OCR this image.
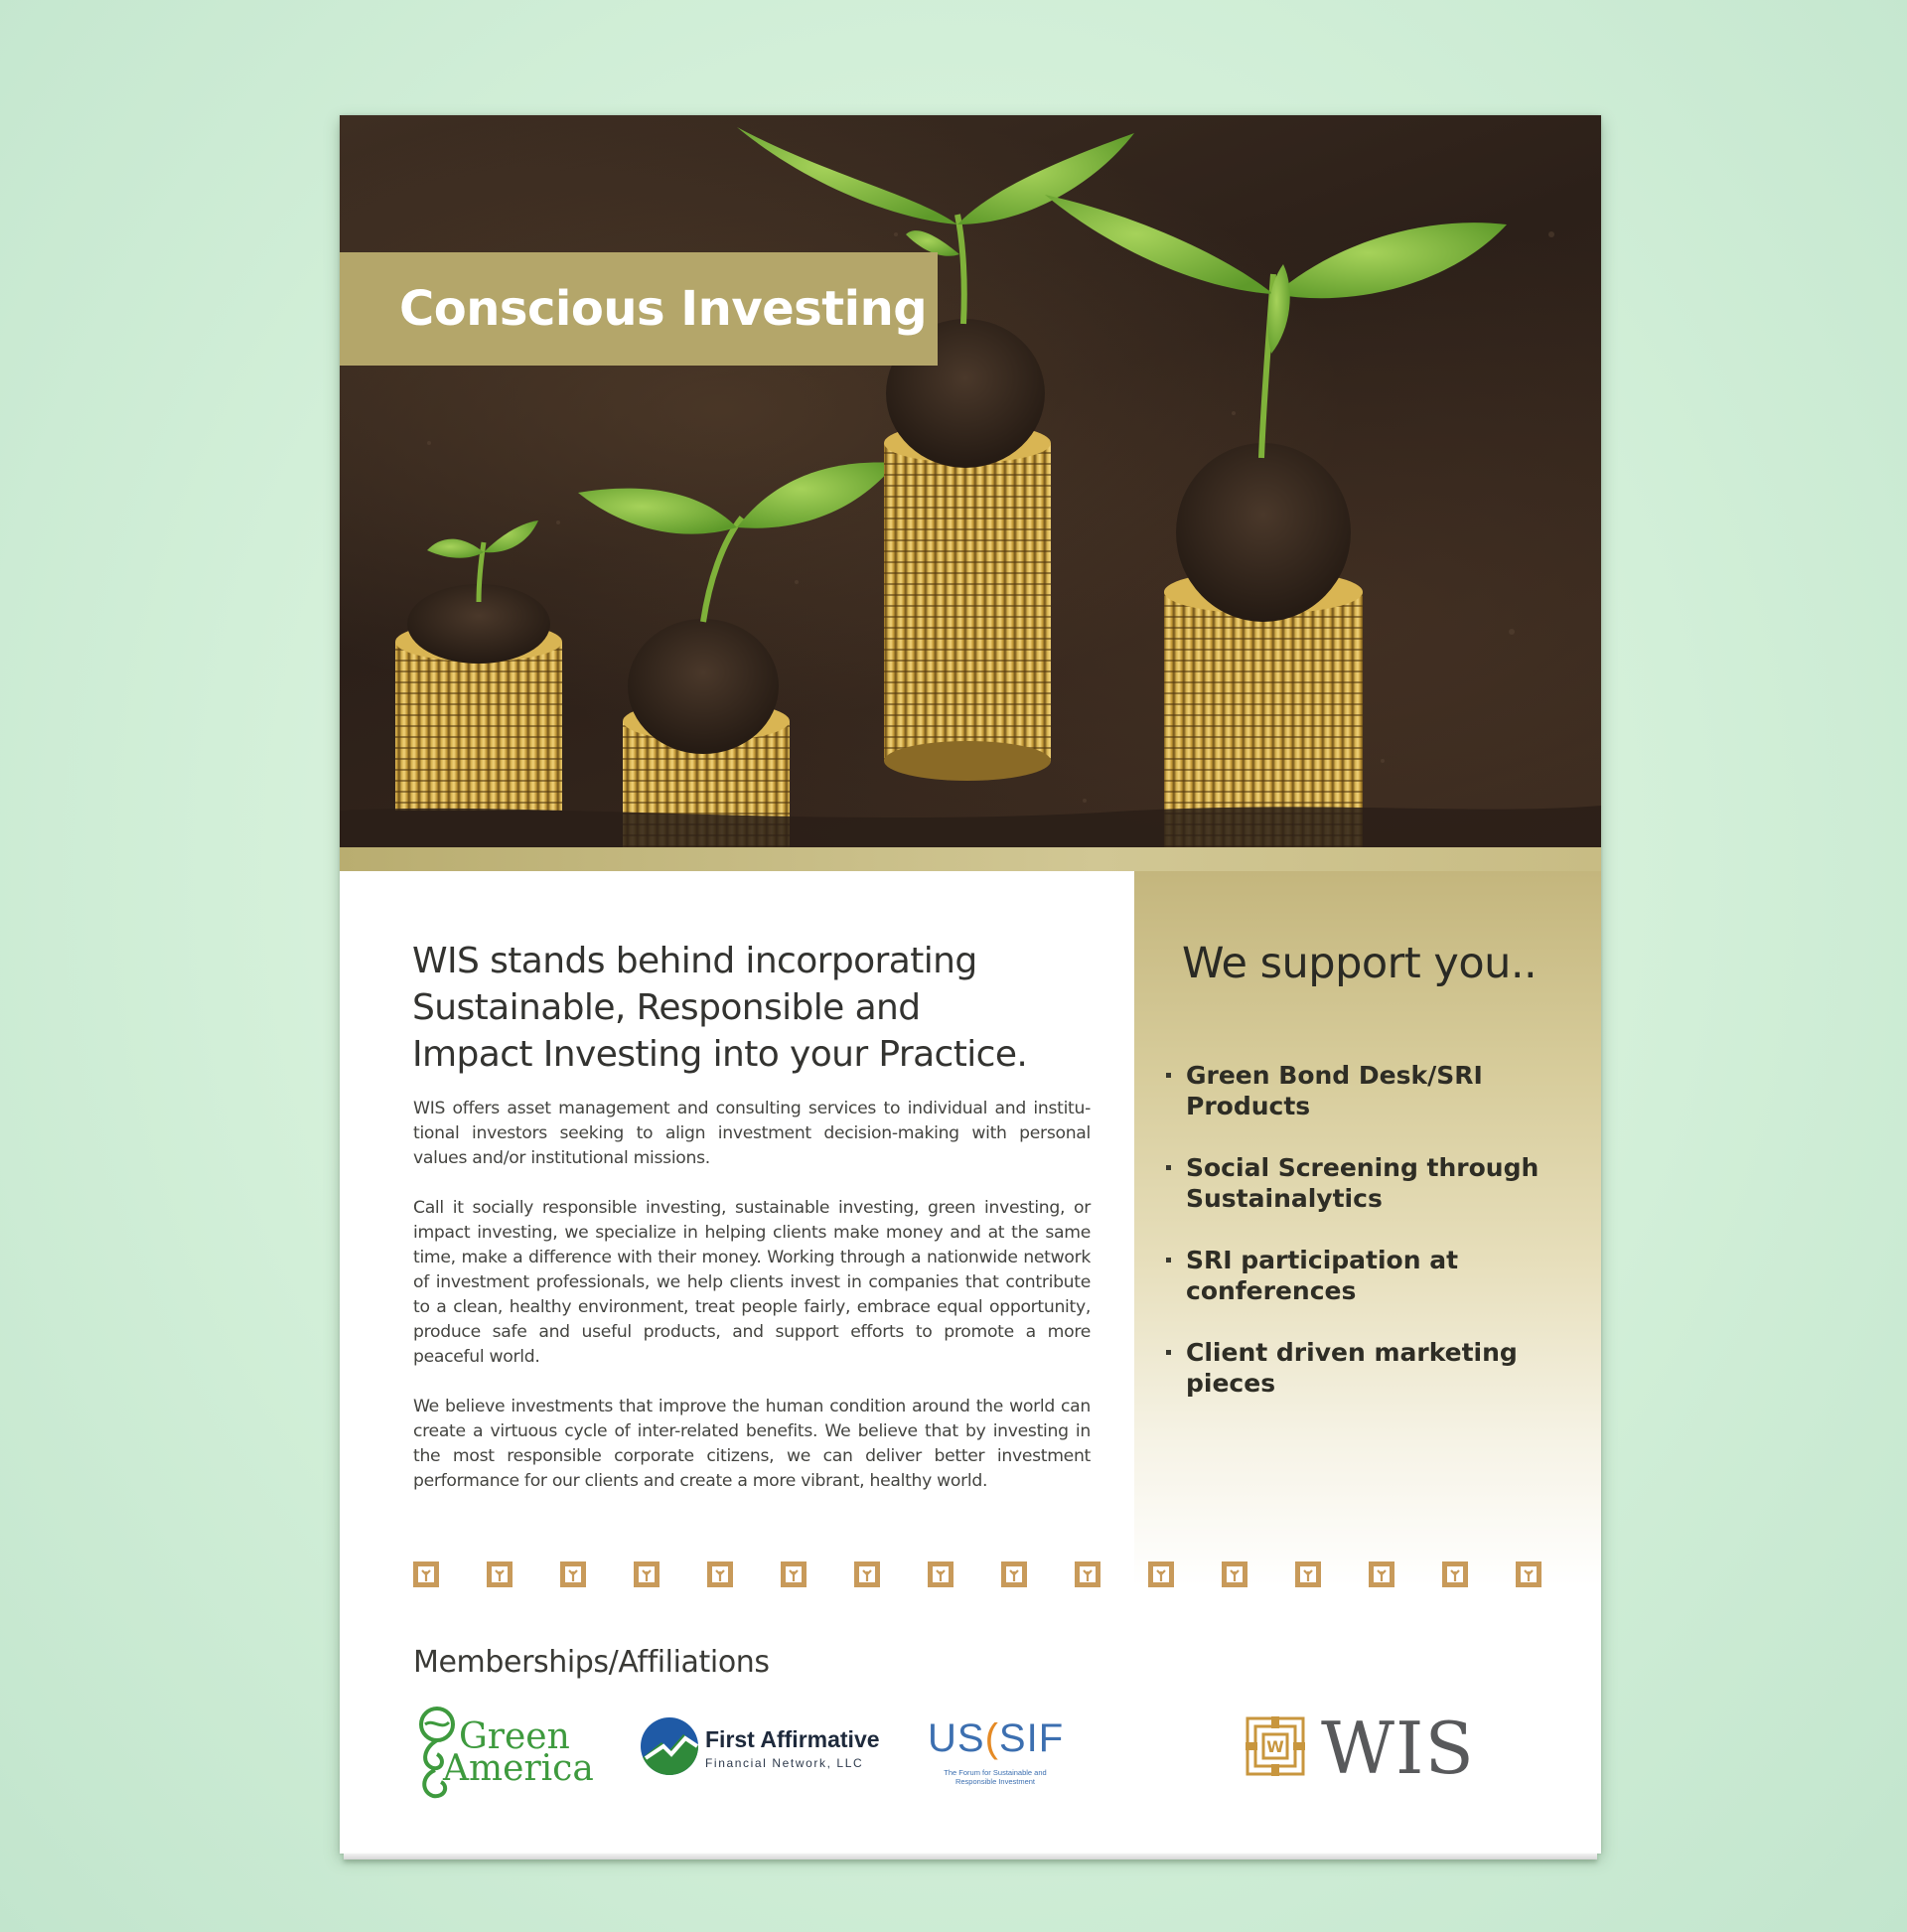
Conscious Investing
We support you..
Green Bond Desk/SRI Products
Social Screening through Sustainalytics
SRI participation at conferences
Client driven marketing pieces
WIS stands behind incorporating Sustainable, Responsible and Impact Investing into your Practice.

WIS offers asset management and consulting services to individual and institu-tional investors seeking to align investment decision-making with personal values and/or institutional missions.

Call it socially responsible investing, sustainable investing, green investing, or impact investing, we specialize in helping clients make money and at the same time, make a difference with their money. Working through a nationwide network of investment professionals, we help clients invest in companies that contribute to a clean, healthy environment, treat people fairly, embrace equal opportunity, produce safe and useful products, and support efforts to promote a more peaceful world.

We believe investments that improve the human condition around the world can create a virtuous cycle of inter-related benefits. We believe that by investing in the most responsible corporate citizens, we can deliver better investment performance for our clients and create a more vibrant, healthy world.

Memberships/Affiliations
Green
America
First Affirmative
Financial Network, LLC
US(SIF
The Forum for Sustainable and Responsible Investment
W WIS
